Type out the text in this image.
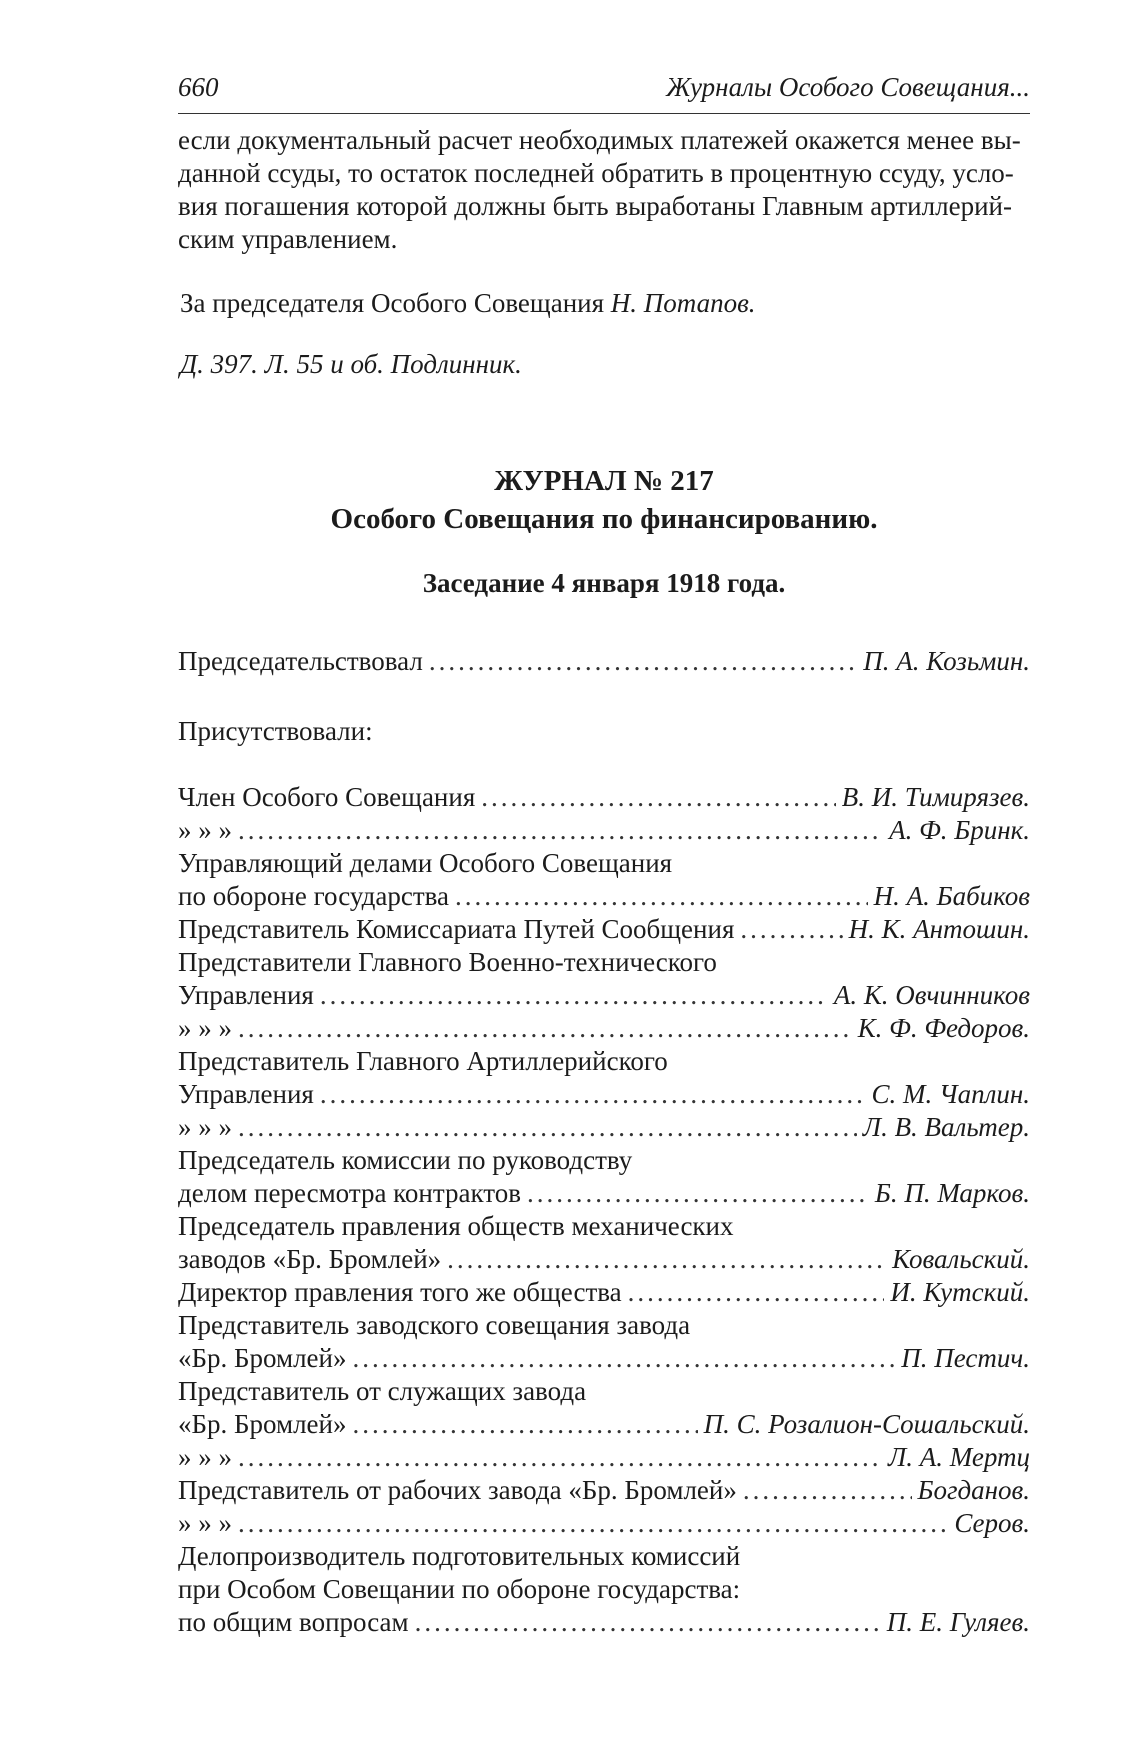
660	Журналы Особого Совещания...
если документальный расчет необходимых платежей окажется менее вы-
данной ссуды, то остаток последней обратить в процентную ссуду, усло-
вия погашения которой должны быть выработаны Главным артиллерий-
ским управлением.
За председателя Особого Совещания Н. Потапов.
Д. 397. Л. 55 и об. Подлинник.
ЖУРНАЛ № 217
Особого Совещания по финансированию.
Заседание 4 января 1918 года.
Председательствовал .....	П. А. Козьмин.
Присутствовали:
Член Особого Совещания .....	В. И. Тимирязев.
» » » .....	А. Ф. Бринк.
Управляющий делами Особого Совещания
по обороне государства .....	Н. А. Бабиков
Представитель Комиссариата Путей Сообщения .....	Н. К. Антошин.
Представители Главного Военно-технического
Управления .....	А. К. Овчинников
» » » .....	К. Ф. Федоров.
Представитель Главного Артиллерийского
Управления .....	С. М. Чаплин.
» » » .....	Л. В. Вальтер.
Председатель комиссии по руководству
делом пересмотра контрактов .....	Б. П. Марков.
Председатель правления обществ механических
заводов «Бр. Бромлей» .....	Ковальский.
Директор правления того же общества .....	И. Кутский.
Представитель заводского совещания завода
«Бр. Бромлей» .....	П. Пестич.
Представитель от служащих завода
«Бр. Бромлей» .....	П. С. Розалион-Сошальский.
» » » .....	Л. А. Мертц
Представитель от рабочих завода «Бр. Бромлей» .....	Богданов.
» » » .....	Серов.
Делопроизводитель подготовительных комиссий
при Особом Совещании по обороне государства:
по общим вопросам .....	П. Е. Гуляев.
